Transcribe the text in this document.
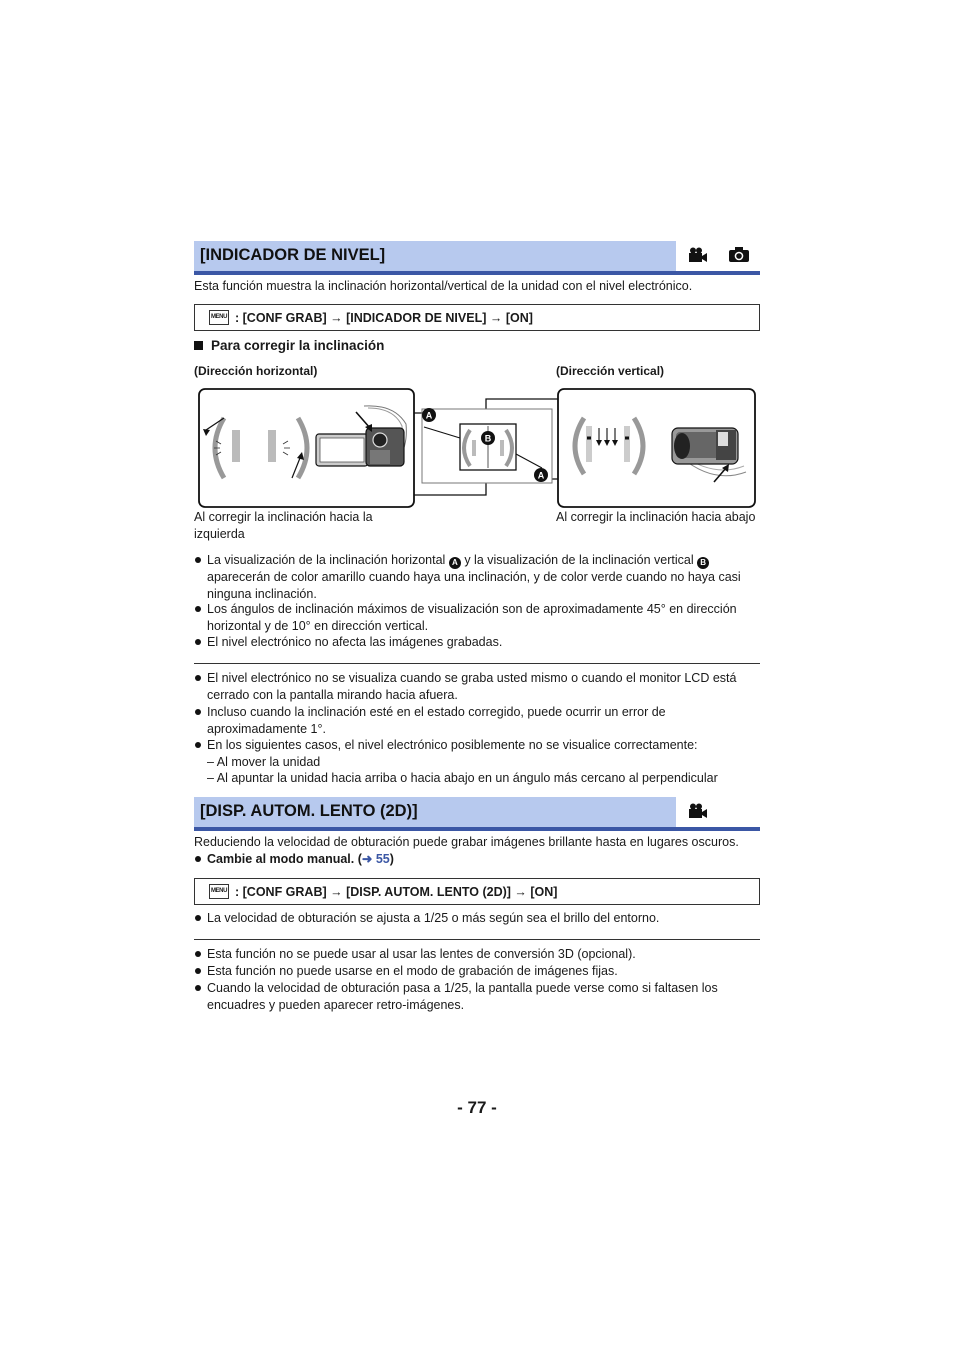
[INDICADOR DE NIVEL]
Esta función muestra la inclinación horizontal/vertical de la unidad con el nivel electrónico.
MENU : [CONF GRAB] → [INDICADOR DE NIVEL] → [ON]
Para corregir la inclinación
(Dirección horizontal)	(Dirección vertical)
A
B
A
Al corregir la inclinación hacia la izquierda
Al corregir la inclinación hacia abajo
La visualización de la inclinación horizontal A y la visualización de la inclinación vertical B aparecerán de color amarillo cuando haya una inclinación, y de color verde cuando no haya casi ninguna inclinación.
Los ángulos de inclinación máximos de visualización son de aproximadamente 45° en dirección horizontal y de 10° en dirección vertical.
El nivel electrónico no afecta las imágenes grabadas.
El nivel electrónico no se visualiza cuando se graba usted mismo o cuando el monitor LCD está cerrado con la pantalla mirando hacia afuera.
Incluso cuando la inclinación esté en el estado corregido, puede ocurrir un error de aproximadamente 1°.
En los siguientes casos, el nivel electrónico posiblemente no se visualice correctamente:
– Al mover la unidad
– Al apuntar la unidad hacia arriba o hacia abajo en un ángulo más cercano al perpendicular
[DISP. AUTOM. LENTO (2D)]
Reduciendo la velocidad de obturación puede grabar imágenes brillante hasta en lugares oscuros.
Cambie al modo manual. (➜ 55)
MENU : [CONF GRAB] → [DISP. AUTOM. LENTO (2D)] → [ON]
La velocidad de obturación se ajusta a 1/25 o más según sea el brillo del entorno.
Esta función no se puede usar al usar las lentes de conversión 3D (opcional).
Esta función no puede usarse en el modo de grabación de imágenes fijas.
Cuando la velocidad de obturación pasa a 1/25, la pantalla puede verse como si faltasen los encuadres y pueden aparecer retro-imágenes.
- 77 -
